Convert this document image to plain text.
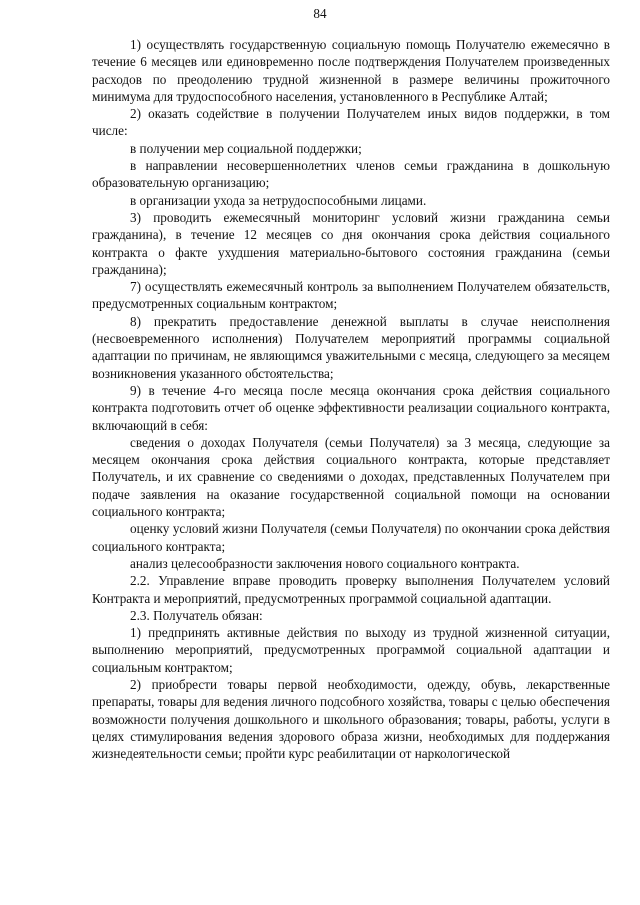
84

1) осуществлять государственную социальную помощь Получателю ежемесячно в течение 6 месяцев или единовременно после подтверждения Получателем произведенных расходов по преодолению трудной жизненной в размере величины прожиточного минимума для трудоспособного населения, установленного в Республике Алтай;

2) оказать содействие в получении Получателем иных видов поддержки, в том числе:

в получении мер социальной поддержки;

в направлении несовершеннолетних членов семьи гражданина в дошкольную образовательную организацию;

в организации ухода за нетрудоспособными лицами.

3) проводить ежемесячный мониторинг условий жизни гражданина семьи гражданина), в течение 12 месяцев со дня окончания срока действия социального контракта о факте ухудшения материально-бытового состояния гражданина (семьи гражданина);

7) осуществлять ежемесячный контроль за выполнением Получателем обязательств, предусмотренных социальным контрактом;

8) прекратить предоставление денежной выплаты в случае неисполнения (несвоевременного исполнения) Получателем мероприятий программы социальной адаптации по причинам, не являющимся уважительными с месяца, следующего за месяцем возникновения указанного обстоятельства;

9) в течение 4-го месяца после месяца окончания срока действия социального контракта подготовить отчет об оценке эффективности реализации социального контракта, включающий в себя:

сведения о доходах Получателя (семьи Получателя) за 3 месяца, следующие за месяцем окончания срока действия социального контракта, которые представляет Получатель, и их сравнение со сведениями о доходах, представленных Получателем при подаче заявления на оказание государственной социальной помощи на основании социального контракта;

оценку условий жизни Получателя (семьи Получателя) по окончании срока действия социального контракта;

анализ целесообразности заключения нового социального контракта.

2.2. Управление вправе проводить проверку выполнения Получателем условий Контракта и мероприятий, предусмотренных программой социальной адаптации.

2.3. Получатель обязан:

1) предпринять активные действия по выходу из трудной жизненной ситуации, выполнению мероприятий, предусмотренных программой социальной адаптации и социальным контрактом;

2) приобрести товары первой необходимости, одежду, обувь, лекарственные препараты, товары для ведения личного подсобного хозяйства, товары с целью обеспечения возможности получения дошкольного и школьного образования; товары, работы, услуги в целях стимулирования ведения здорового образа жизни, необходимых для поддержания жизнедеятельности семьи; пройти курс реабилитации от наркологической
